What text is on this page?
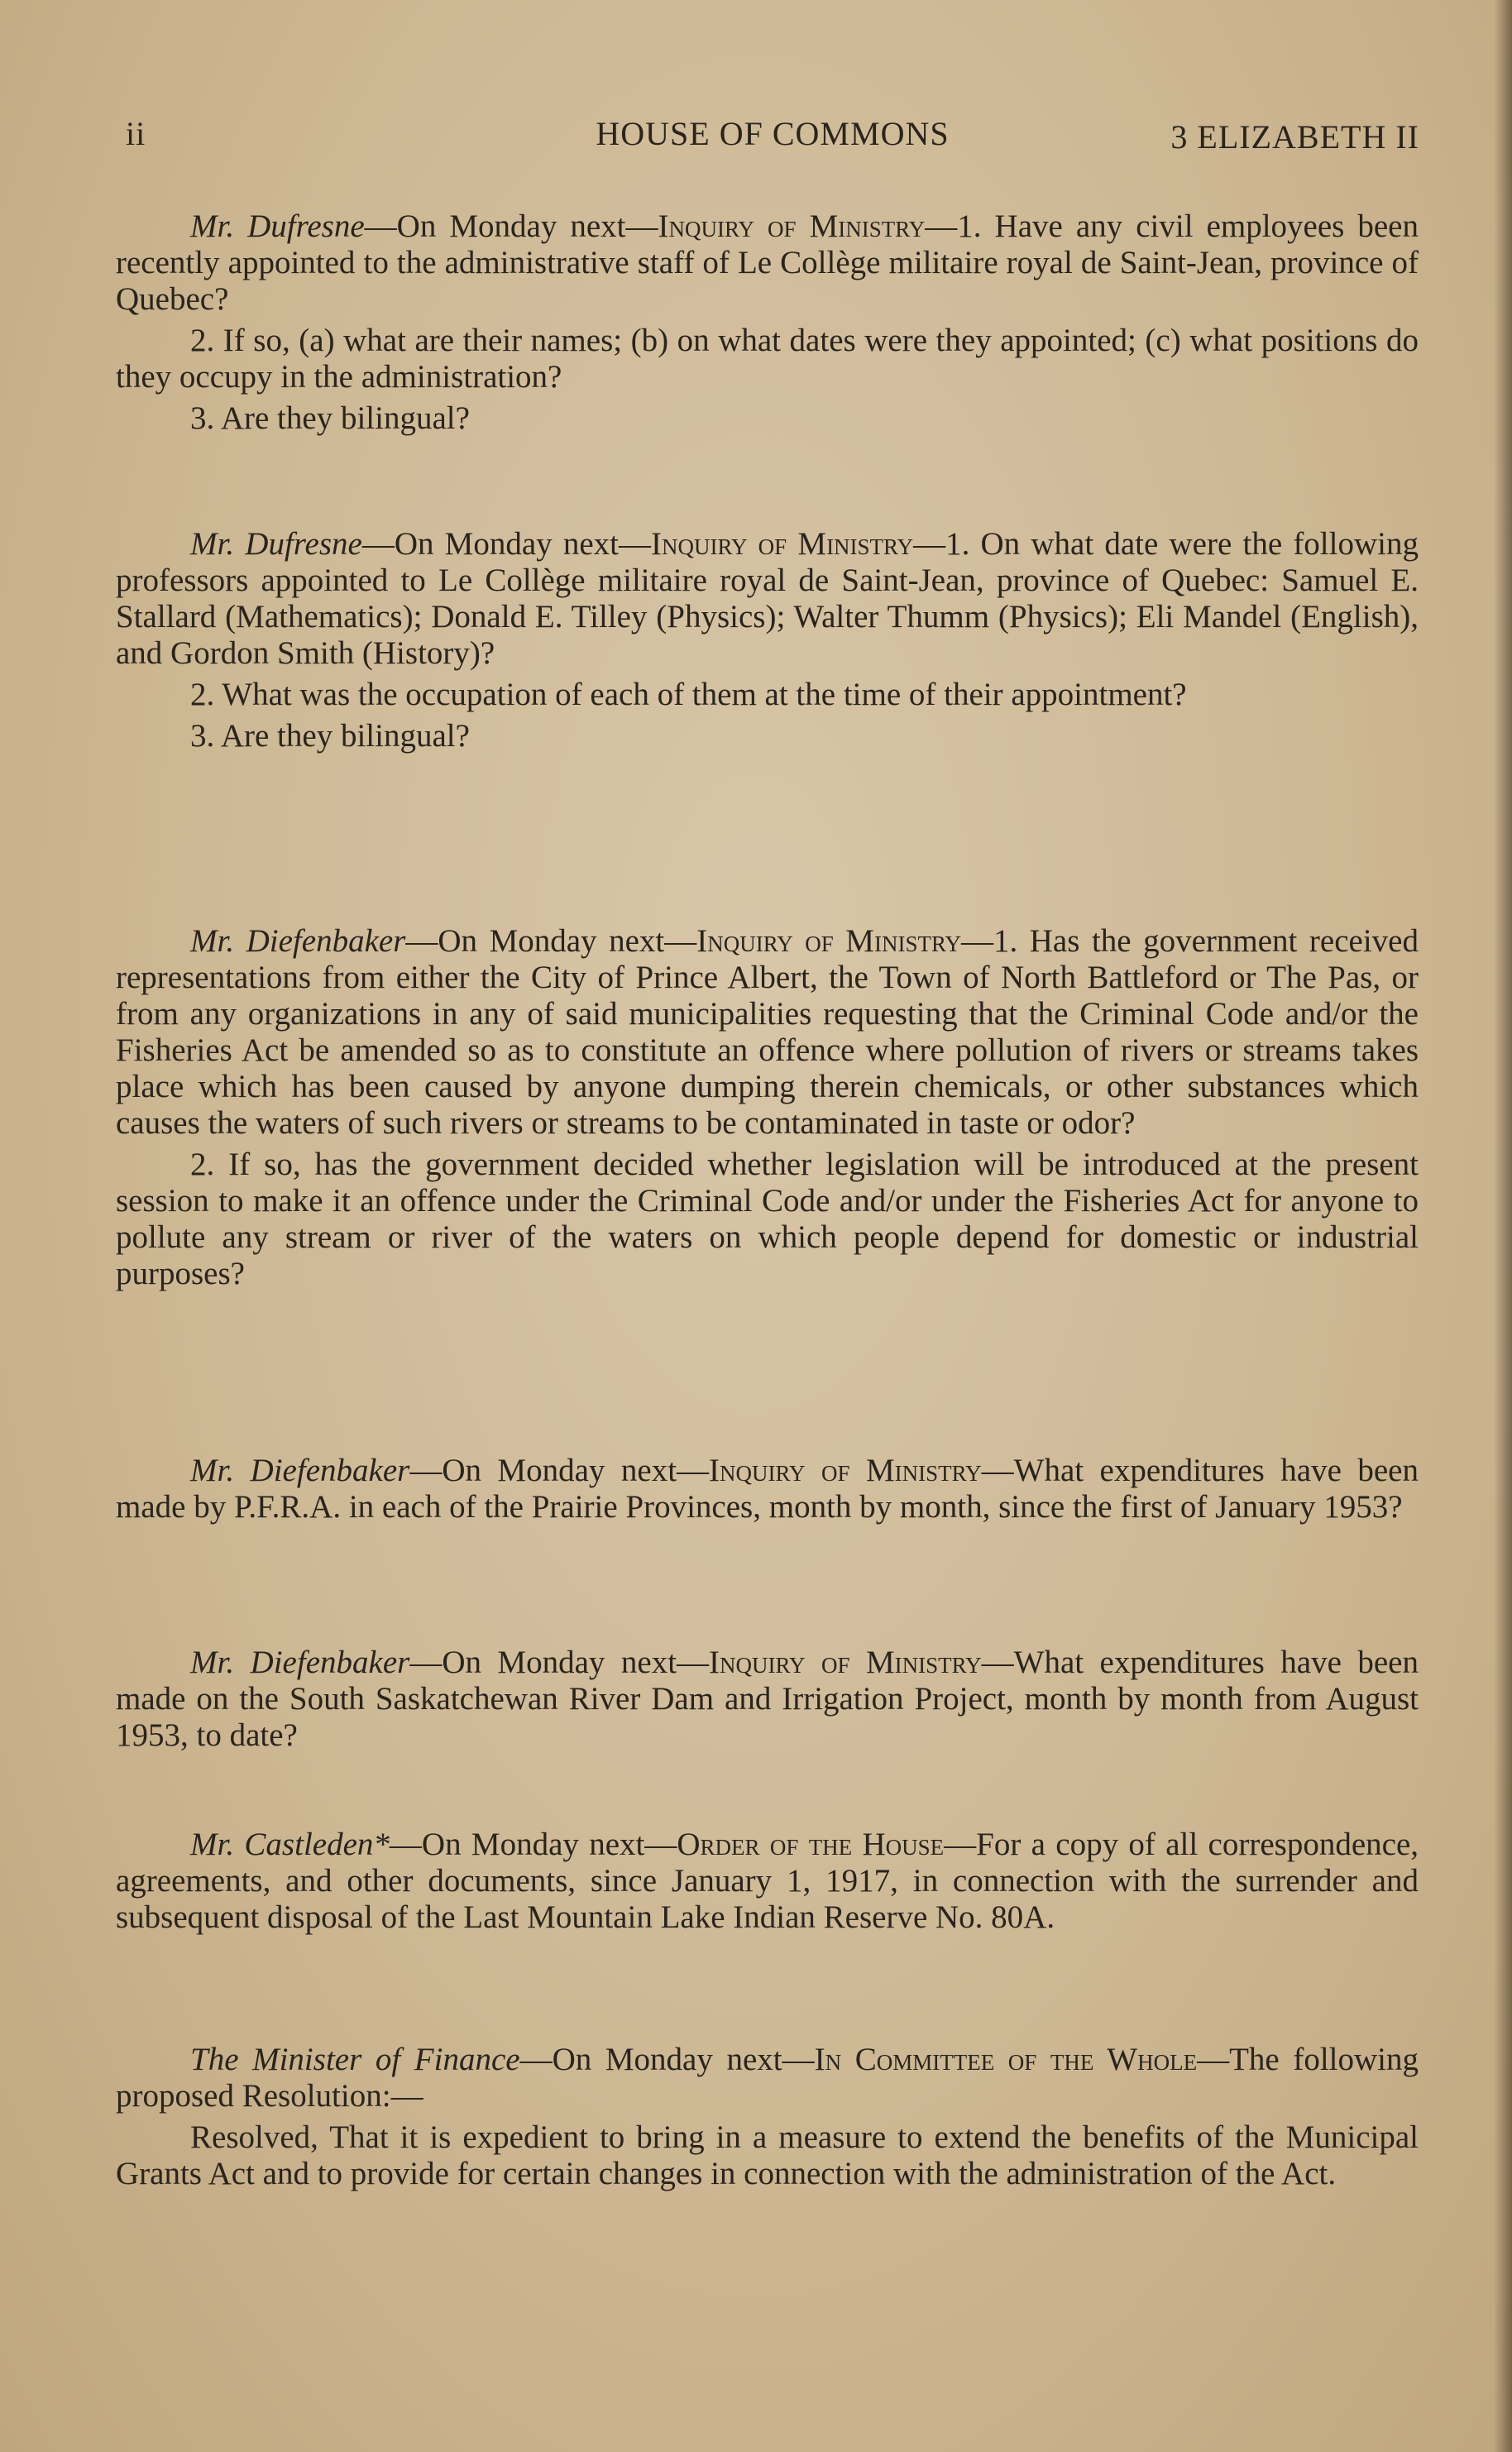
ii	HOUSE OF COMMONS	3 ELIZABETH II

Mr. Dufresne—On Monday next—Inquiry of Ministry—1. Have any civil employees been recently appointed to the administrative staff of Le Collège militaire royal de Saint-Jean, province of Quebec?

2. If so, (a) what are their names; (b) on what dates were they appointed; (c) what positions do they occupy in the administration?

3. Are they bilingual?

Mr. Dufresne—On Monday next—Inquiry of Ministry—1. On what date were the following professors appointed to Le Collège militaire royal de Saint-Jean, province of Quebec: Samuel E. Stallard (Mathematics); Donald E. Tilley (Physics); Walter Thumm (Physics); Eli Mandel (English), and Gordon Smith (History)?

2. What was the occupation of each of them at the time of their appointment?

3. Are they bilingual?

Mr. Diefenbaker—On Monday next—Inquiry of Ministry—1. Has the government received representations from either the City of Prince Albert, the Town of North Battleford or The Pas, or from any organizations in any of said municipalities requesting that the Criminal Code and/or the Fisheries Act be amended so as to constitute an offence where pollution of rivers or streams takes place which has been caused by anyone dumping therein chemicals, or other substances which causes the waters of such rivers or streams to be contaminated in taste or odor?

2. If so, has the government decided whether legislation will be introduced at the present session to make it an offence under the Criminal Code and/or under the Fisheries Act for anyone to pollute any stream or river of the waters on which people depend for domestic or industrial purposes?

Mr. Diefenbaker—On Monday next—Inquiry of Ministry—What expenditures have been made by P.F.R.A. in each of the Prairie Provinces, month by month, since the first of January 1953?

Mr. Diefenbaker—On Monday next—Inquiry of Ministry—What expenditures have been made on the South Saskatchewan River Dam and Irrigation Project, month by month from August 1953, to date?

Mr. Castleden*—On Monday next—Order of the House—For a copy of all correspondence, agreements, and other documents, since January 1, 1917, in connection with the surrender and subsequent disposal of the Last Mountain Lake Indian Reserve No. 80A.

The Minister of Finance—On Monday next—In Committee of the Whole—The following proposed Resolution:—

Resolved, That it is expedient to bring in a measure to extend the benefits of the Municipal Grants Act and to provide for certain changes in connection with the administration of the Act.
